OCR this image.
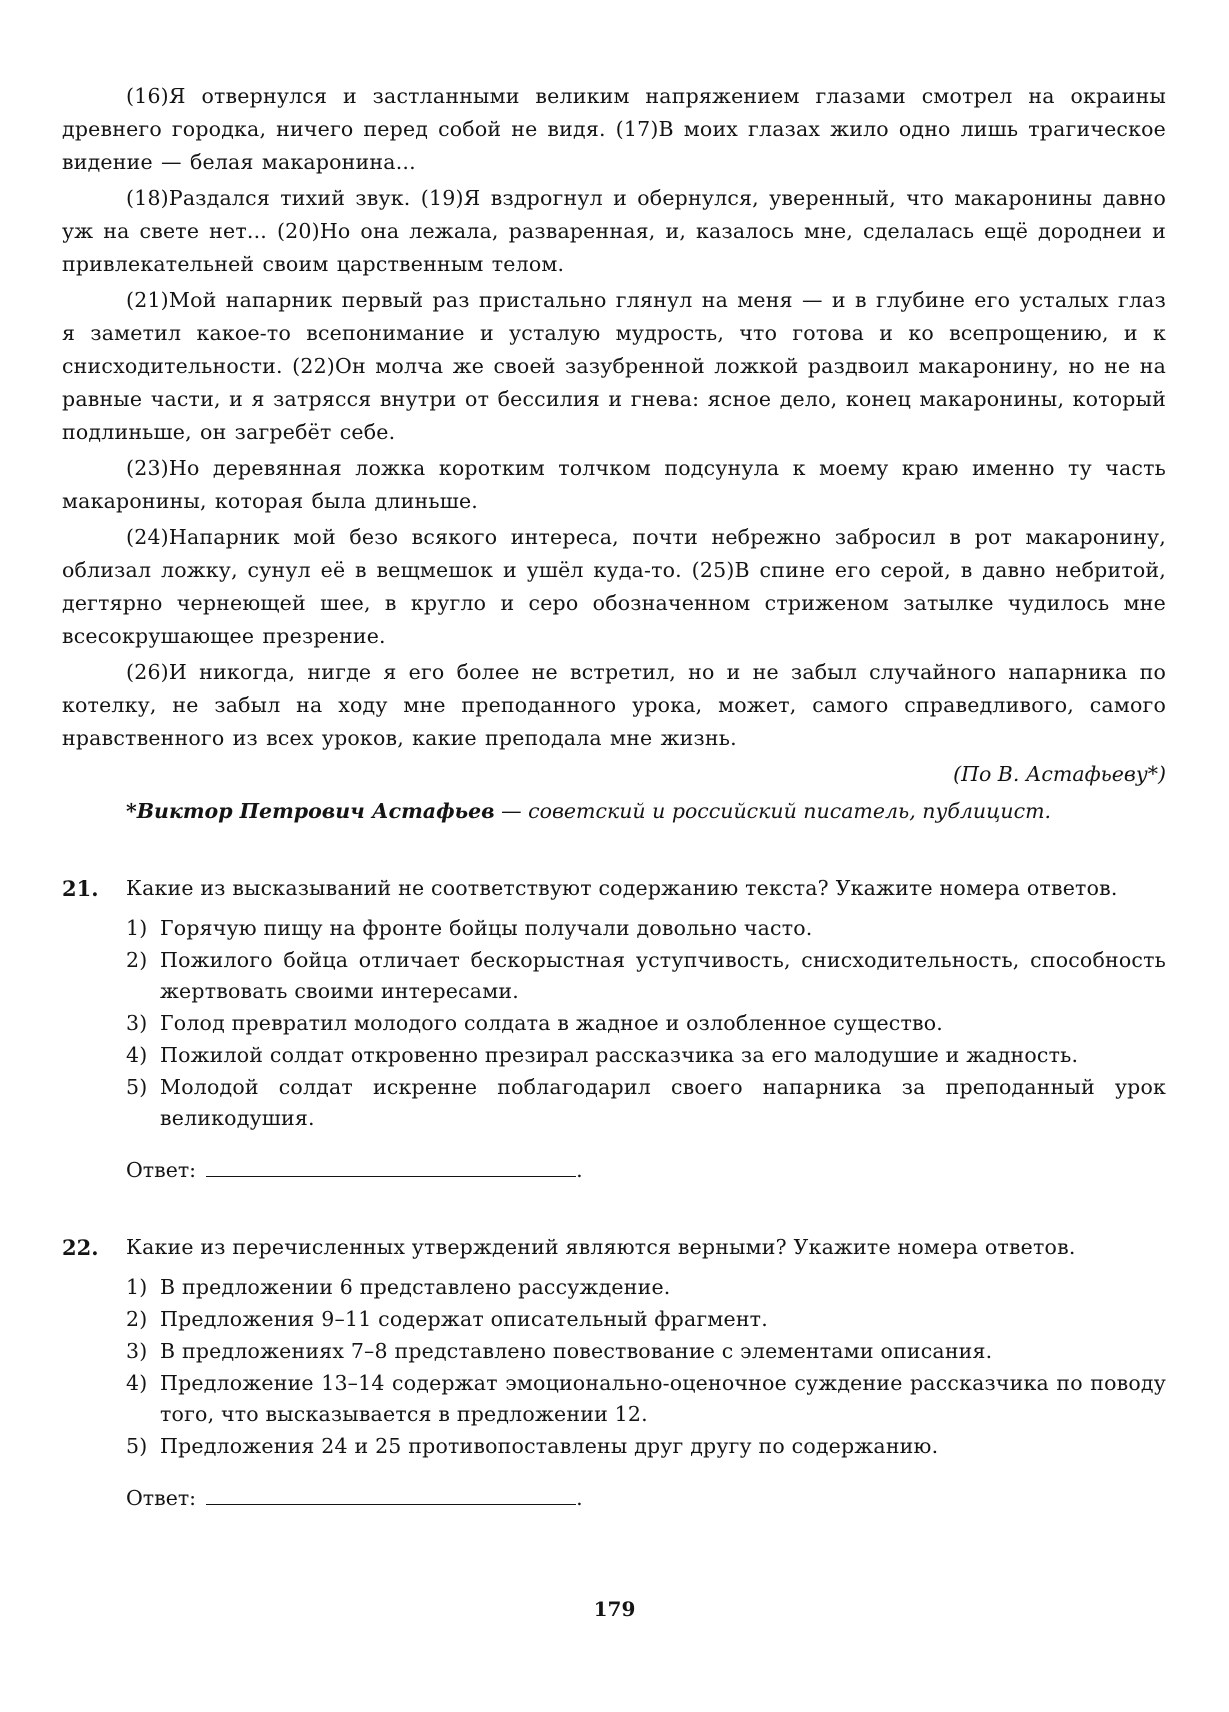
(16)Я отвернулся и застланными великим напряжением глазами смотрел на окраины древнего городка, ничего перед собой не видя. (17)В моих глазах жило одно лишь трагическое видение — белая макаронина...

(18)Раздался тихий звук. (19)Я вздрогнул и обернулся, уверенный, что макаронины давно уж на свете нет... (20)Но она лежала, разваренная, и, казалось мне, сделалась ещё дороднеи и привлекательней своим царственным телом.

(21)Мой напарник первый раз пристально глянул на меня — и в глубине его усталых глаз я заметил какое-то всепонимание и усталую мудрость, что готова и ко всепрощению, и к снисходительности. (22)Он молча же своей зазубренной ложкой раздвоил макаронину, но не на равные части, и я затрясся внутри от бессилия и гнева: ясное дело, конец макаронины, который подлиньше, он загребёт себе.

(23)Но деревянная ложка коротким толчком подсунула к моему краю именно ту часть макаронины, которая была длиньше.

(24)Напарник мой безо всякого интереса, почти небрежно забросил в рот макаронину, облизал ложку, сунул её в вещмешок и ушёл куда-то. (25)В спине его серой, в давно небритой, дегтярно чернеющей шее, в кругло и серо обозначенном стриженом затылке чудилось мне всесокрушающее презрение.

(26)И никогда, нигде я его более не встретил, но и не забыл случайного напарника по котелку, не забыл на ходу мне преподанного урока, может, самого справедливого, самого нравственного из всех уроков, какие преподала мне жизнь.

(По В. Астафьеву*)
*Виктор Петрович Астафьев — советский и российский писатель, публицист.
21. Какие из высказываний не соответствуют содержанию текста? Укажите номера ответов.

1) Горячую пищу на фронте бойцы получали довольно часто.
2) Пожилого бойца отличает бескорыстная уступчивость, снисходительность, способность жертвовать своими интересами.
3) Голод превратил молодого солдата в жадное и озлобленное существо.
4) Пожилой солдат откровенно презирал рассказчика за его малодушие и жадность.
5) Молодой солдат искренне поблагодарил своего напарника за преподанный урок великодушия.
Ответ:	.
22. Какие из перечисленных утверждений являются верными? Укажите номера ответов.

1) В предложении 6 представлено рассуждение.
2) Предложения 9–11 содержат описательный фрагмент.
3) В предложениях 7–8 представлено повествование с элементами описания.
4) Предложение 13–14 содержат эмоционально-оценочное суждение рассказчика по поводу того, что высказывается в предложении 12.
5) Предложения 24 и 25 противопоставлены друг другу по содержанию.
Ответ:	.
179
